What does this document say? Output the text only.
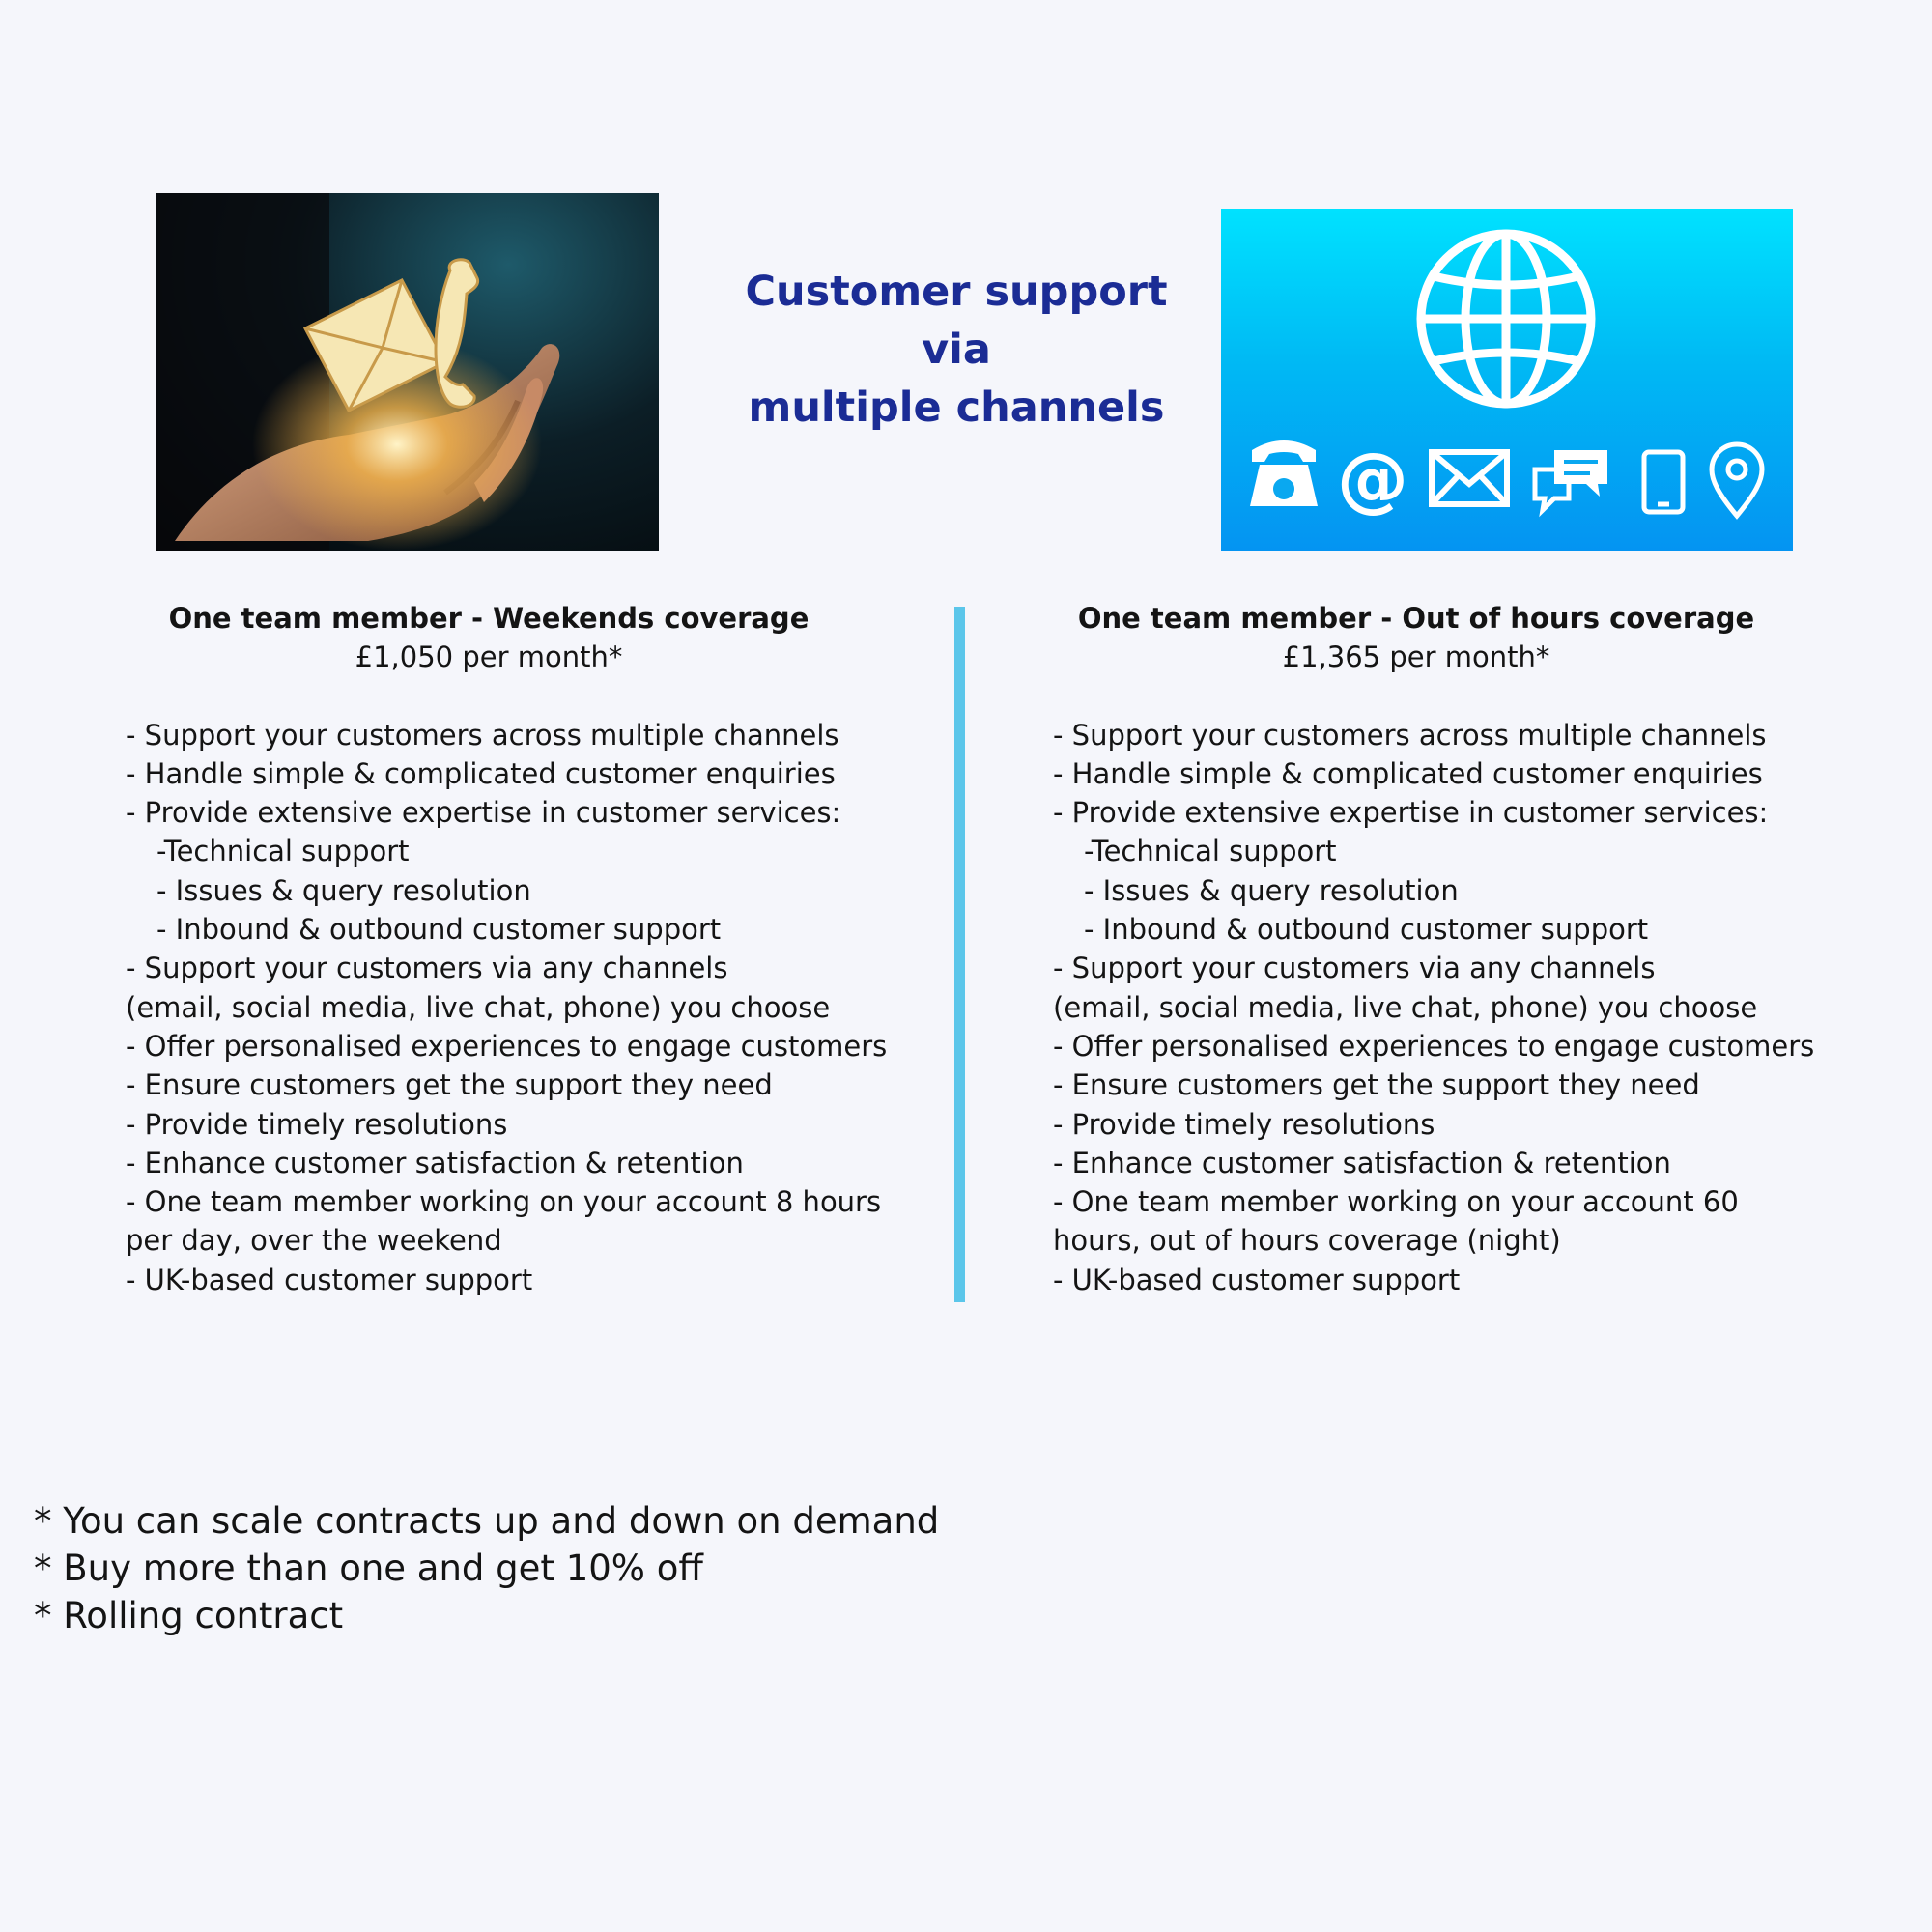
Customer support
via
multiple channels
@
One team member - Weekends coverage
£1,050 per month*
- Support your customers across multiple channels
- Handle simple & complicated customer enquiries
- Provide extensive expertise in customer services:
-Technical support
- Issues & query resolution
- Inbound & outbound customer support
- Support your customers via any channels
(email, social media, live chat, phone) you choose
- Offer personalised experiences to engage customers
- Ensure customers get the support they need
- Provide timely resolutions
- Enhance customer satisfaction & retention
- One team member working on your account 8 hours
per day, over the weekend
- UK-based customer support
One team member - Out of hours coverage
£1,365 per month*
- Support your customers across multiple channels
- Handle simple & complicated customer enquiries
- Provide extensive expertise in customer services:
-Technical support
- Issues & query resolution
- Inbound & outbound customer support
- Support your customers via any channels
(email, social media, live chat, phone) you choose
- Offer personalised experiences to engage customers
- Ensure customers get the support they need
- Provide timely resolutions
- Enhance customer satisfaction & retention
- One team member working on your account 60
hours, out of hours coverage (night)
- UK-based customer support
* You can scale contracts up and down on demand
* Buy more than one and get 10% off
* Rolling contract
